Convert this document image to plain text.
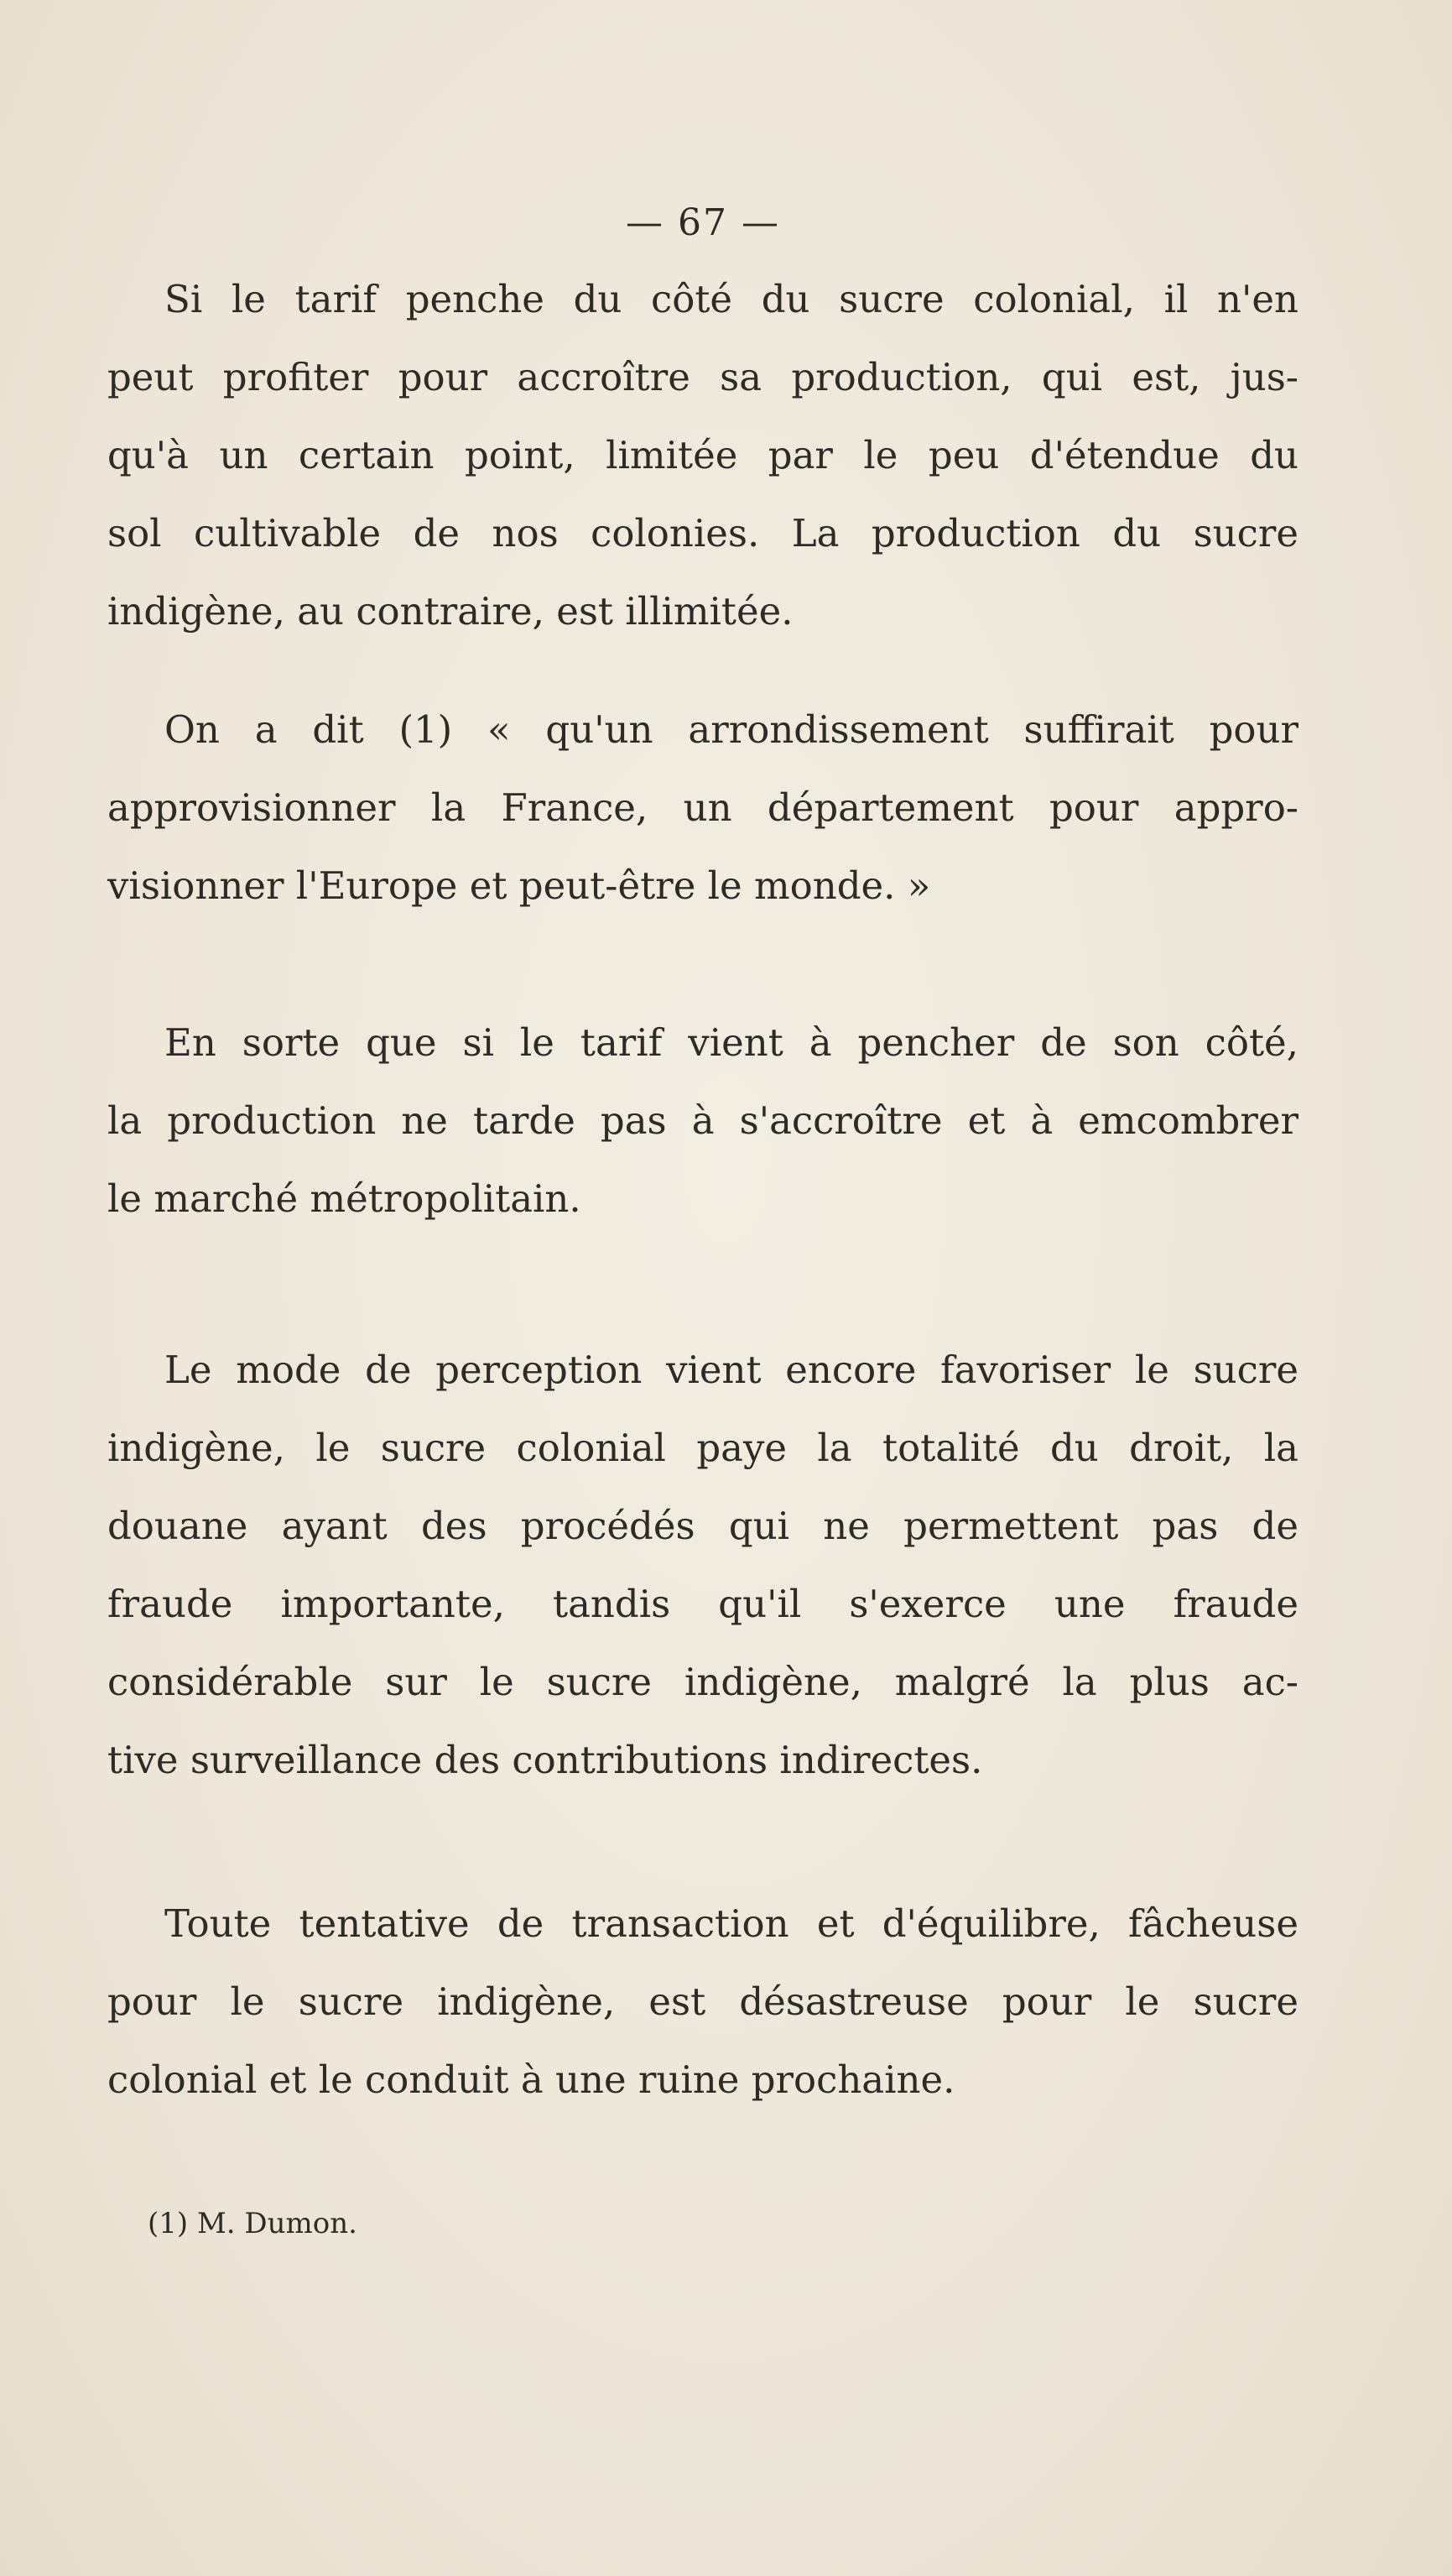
— 67 —
Si le tarif penche du côté du sucre colonial, il n'en
peut profiter pour accroître sa production, qui est, jus-
qu'à un certain point, limitée par le peu d'étendue du
sol cultivable de nos colonies. La production du sucre
indigène, au contraire, est illimitée.
On a dit (1) « qu'un arrondissement suffirait pour
approvisionner la France, un département pour appro-
visionner l'Europe et peut-être le monde. »
En sorte que si le tarif vient à pencher de son côté,
la production ne tarde pas à s'accroître et à emcombrer
le marché métropolitain.
Le mode de perception vient encore favoriser le sucre
indigène, le sucre colonial paye la totalité du droit, la
douane ayant des procédés qui ne permettent pas de
fraude importante, tandis qu'il s'exerce une fraude
considérable sur le sucre indigène, malgré la plus ac-
tive surveillance des contributions indirectes.
Toute tentative de transaction et d'équilibre, fâcheuse
pour le sucre indigène, est désastreuse pour le sucre
colonial et le conduit à une ruine prochaine.
(1) M. Dumon.
